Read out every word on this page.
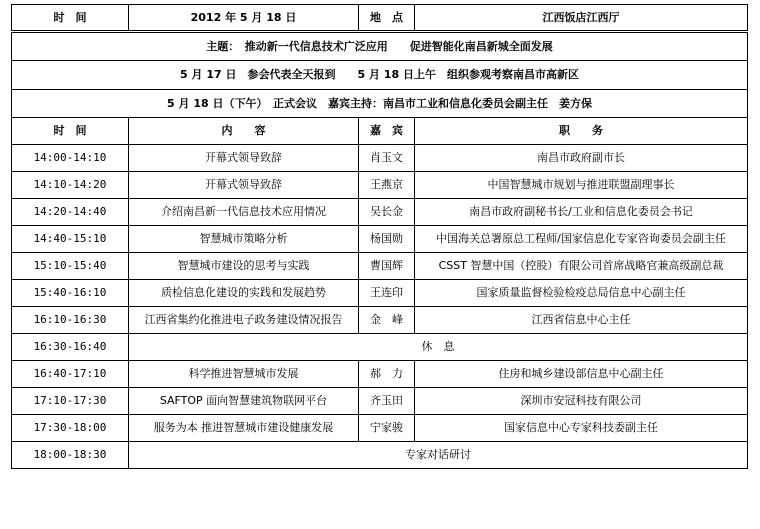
时　间	2012 年 5 月 18 日	地　点	江西饭店江西厅
主题：　推动新一代信息技术广泛应用　　促进智能化南昌新城全面发展			
5 月 17 日　参会代表全天报到　　5 月 18 日上午　组织参观考察南昌市高新区			
5 月 18 日（下午）　正式会议　嘉宾主持：南昌市工业和信息化委员会副主任　姜方保			
时　间	内　　容	嘉　宾	职　　务
14:00-14:10	开幕式领导致辞	肖玉文	南昌市政府副市长
14:10-14:20	开幕式领导致辞	王燕京	中国智慧城市规划与推进联盟副理事长
14:20-14:40	介绍南昌新一代信息技术应用情况	吴长金	南昌市政府副秘书长/工业和信息化委员会书记
14:40-15:10	智慧城市策略分析	杨国勋	中国海关总署原总工程师/国家信息化专家咨询委员会副主任
15:10-15:40	智慧城市建设的思考与实践	曹国辉	CSST 智慧中国（控股）有限公司首席战略官兼高级副总裁
15:40-16:10	质检信息化建设的实践和发展趋势	王连印	国家质量监督检验检疫总局信息中心副主任
16:10-16:30	江西省集约化推进电子政务建设情况报告	金　峰	江西省信息中心主任
16:30-16:40	休　息		
16:40-17:10	科学推进智慧城市发展	郝　力	住房和城乡建设部信息中心副主任
17:10-17:30	SAFTOP 面向智慧建筑物联网平台	齐玉田	深圳市安冠科技有限公司
17:30-18:00	服务为本 推进智慧城市建设健康发展	宁家骏	国家信息中心专家科技委副主任
18:00-18:30	专家对话研讨		
